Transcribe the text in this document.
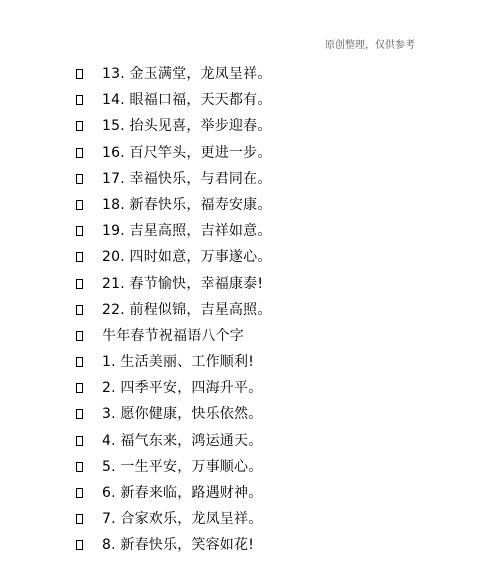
原创整理，仅供参考
13. 金玉满堂，龙凤呈祥。
14. 眼福口福，天天都有。
15. 抬头见喜，举步迎春。
16. 百尺竿头，更进一步。
17. 幸福快乐，与君同在。
18. 新春快乐，福寿安康。
19. 吉星高照，吉祥如意。
20. 四时如意，万事遂心。
21. 春节愉快，幸福康泰!
22. 前程似锦，吉星高照。
牛年春节祝福语八个字
1. 生活美丽、工作顺利!
2. 四季平安，四海升平。
3. 愿你健康，快乐依然。
4. 福气东来，鸿运通天。
5. 一生平安，万事顺心。
6. 新春来临，路遇财神。
7. 合家欢乐，龙凤呈祥。
8. 新春快乐，笑容如花!
